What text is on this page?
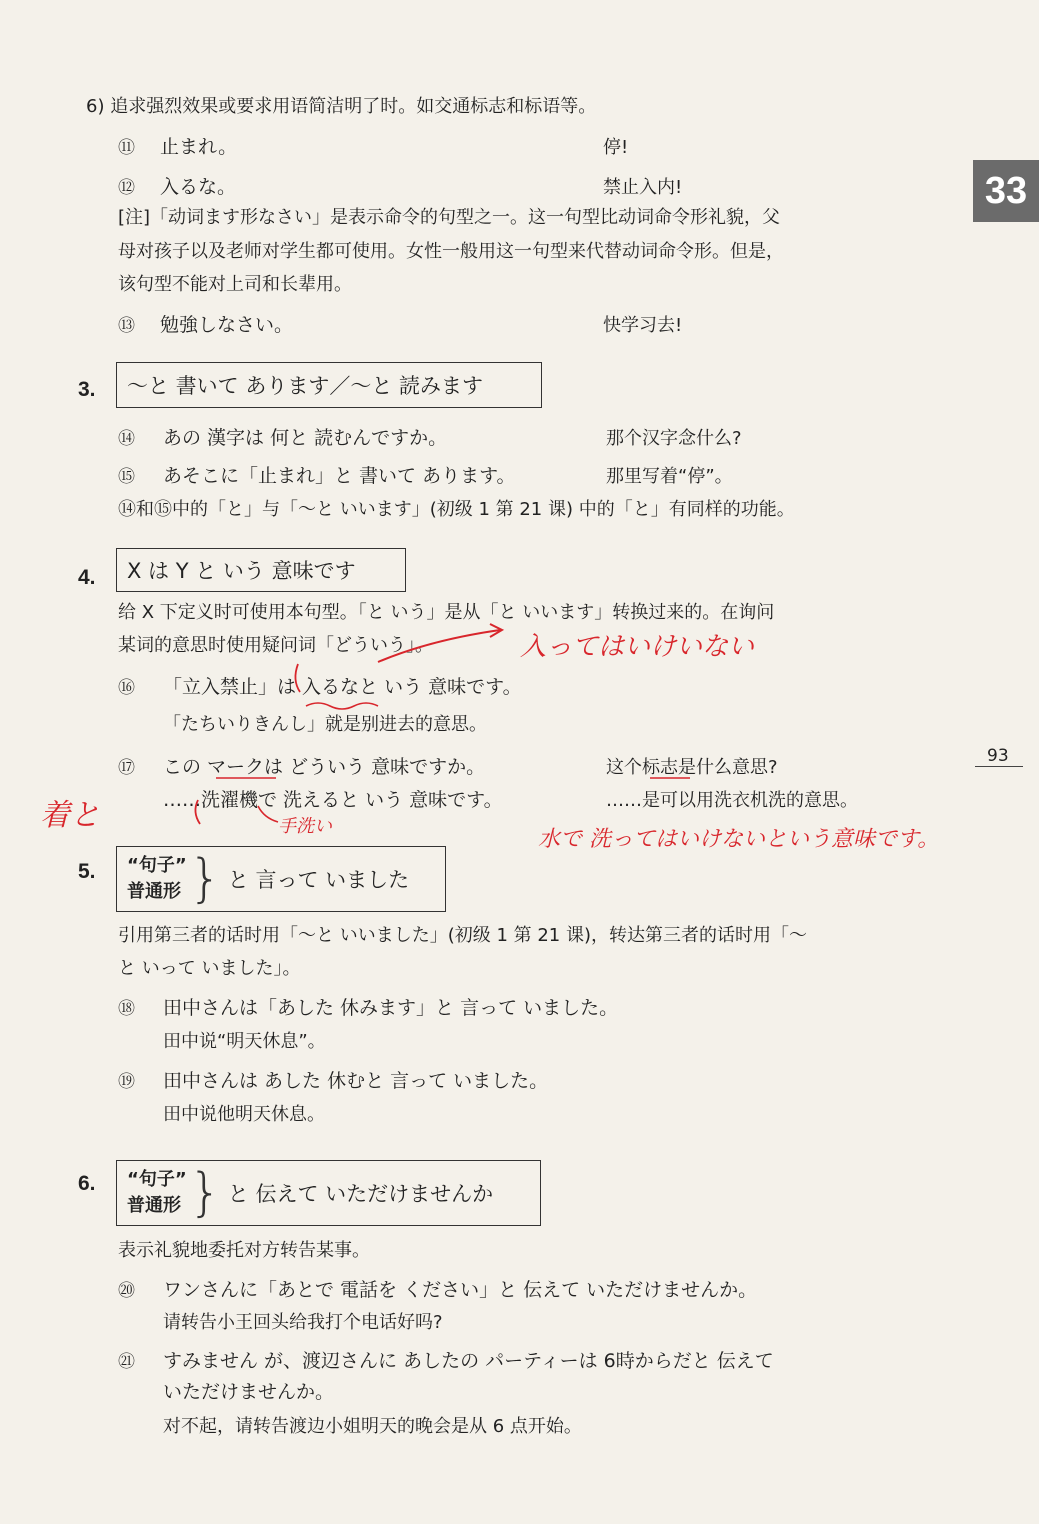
33
93
6) 追求强烈效果或要求用语简洁明了时。如交通标志和标语等。
⑪ 止まれ。	停!
⑫ 入るな。	禁止入内!
[注]「动词ます形なさい」是表示命令的句型之一。这一句型比动词命令形礼貌，父
母对孩子以及老师对学生都可使用。女性一般用这一句型来代替动词命令形。但是，
该句型不能对上司和长辈用。
⑬ 勉強しなさい。	快学习去!
3. ～と 書いて あります／～と 読みます
⑭ あの 漢字は 何と 読むんですか。	那个汉字念什么?
⑮ あそこに「止まれ」と 書いて あります。	那里写着“停”。
⑭和⑮中的「と」与「～と いいます」(初级 1 第 21 课) 中的「と」有同样的功能。
4. X は Y と いう 意味です
给 X 下定义时可使用本句型。「と いう」是从「と いいます」转换过来的。在询问
某词的意思时使用疑问词「どういう」。
⑯ 「立入禁止」は 入るなと いう 意味です。
「たちいりきんし」就是别进去的意思。
⑰ この マークは どういう 意味ですか。	这个标志是什么意思?
……洗濯機で 洗えると いう 意味です。	……是可以用洗衣机洗的意思。
5. “句子”
普通形 } と 言って いました
引用第三者的话时用「～と いいました」(初级 1 第 21 课)，转达第三者的话时用「～
と いって いました」。
⑱ 田中さんは「あした 休みます」と 言って いました。
田中说“明天休息”。
⑲ 田中さんは あした 休むと 言って いました。
田中说他明天休息。
6. “句子”
普通形 } と 伝えて いただけませんか
表示礼貌地委托对方转告某事。
⑳ ワンさんに「あとで 電話を ください」と 伝えて いただけませんか。
请转告小王回头给我打个电话好吗?
㉑ すみません が、渡辺さんに あしたの パーティーは 6時からだと 伝えて
いただけませんか。
对不起，请转告渡边小姐明天的晚会是从 6 点开始。
入ってはいけいない
着と	手洗い
水で 洗ってはいけないという意味です。
